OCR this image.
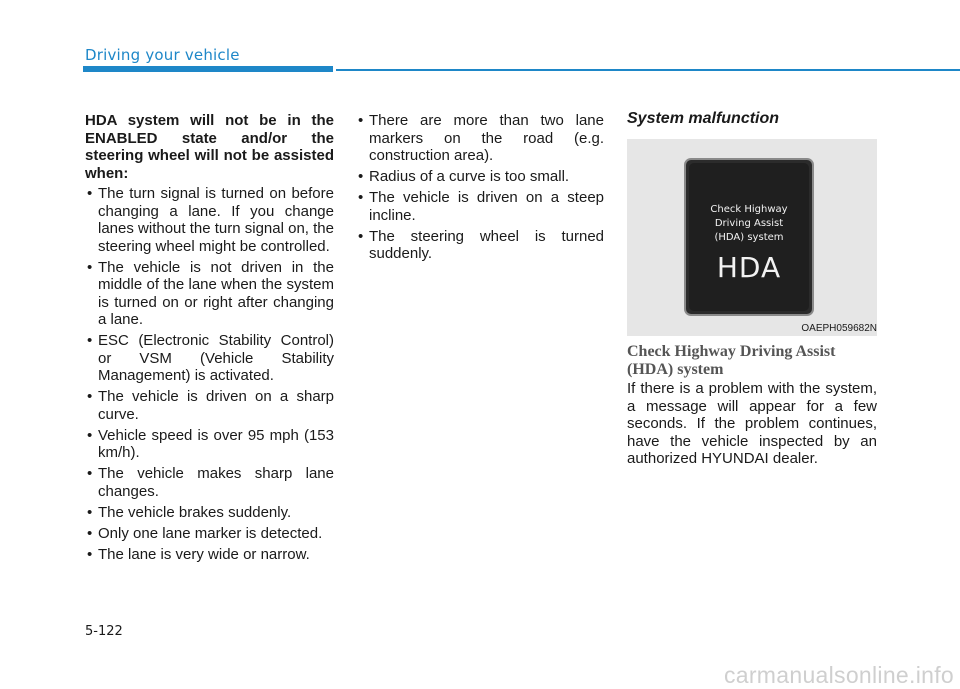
Driving your vehicle

HDA system will not be in the ENABLED state and/or the steering wheel will not be assisted when:

• The turn signal is turned on before changing a lane. If you change lanes without the turn signal on, the steering wheel might be controlled.
• The vehicle is not driven in the middle of the lane when the system is turned on or right after changing a lane.
• ESC (Electronic Stability Control) or VSM (Vehicle Stability Management) is activated.
• The vehicle is driven on a sharp curve.
• Vehicle speed is over 95 mph (153 km/h).
• The vehicle makes sharp lane changes.
• The vehicle brakes suddenly.
• Only one lane marker is detected.
• The lane is very wide or narrow.
• There are more than two lane markers on the road (e.g. construction area).
• Radius of a curve is too small.
• The vehicle is driven on a steep incline.
• The steering wheel is turned suddenly.
System malfunction
Check Highway
Driving Assist
(HDA) system
HDA
OAEPH059682N
Check Highway Driving Assist (HDA) system
If there is a problem with the system, a message will appear for a few seconds. If the problem continues, have the vehicle inspected by an authorized HYUNDAI dealer.
5-122
carmanualsonline.info
